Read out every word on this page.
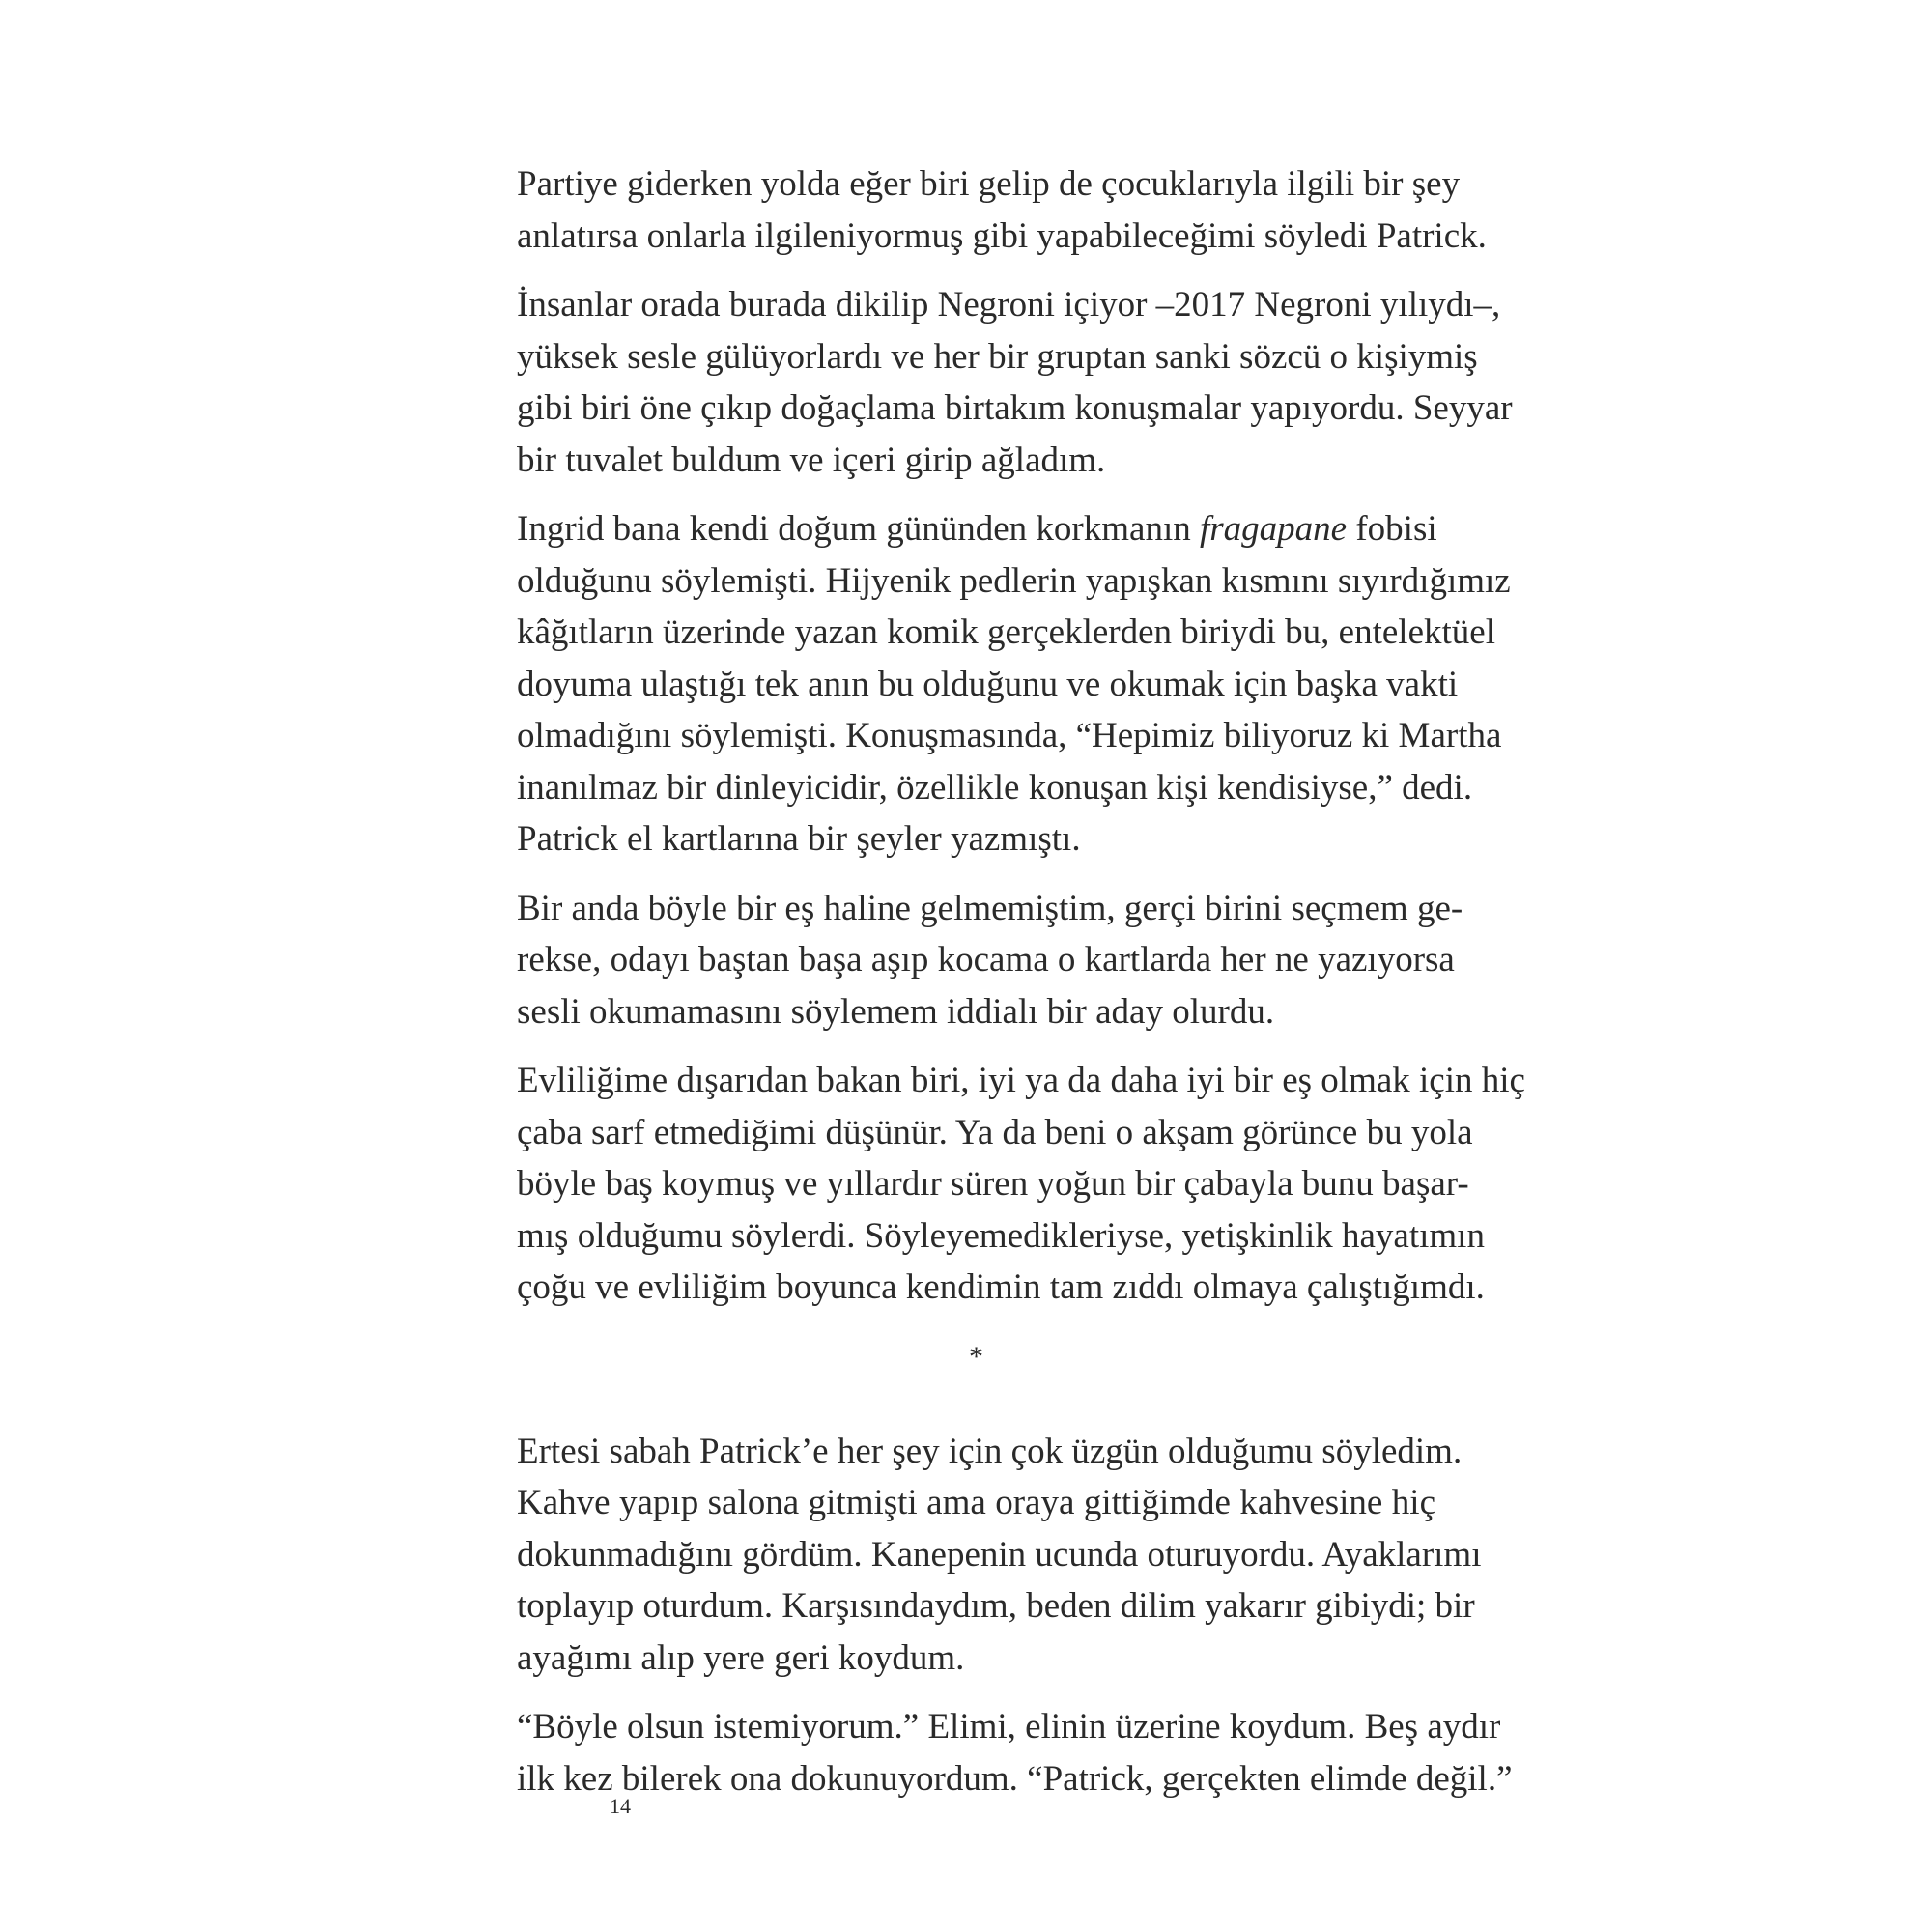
Partiye giderken yolda eğer biri gelip de çocuklarıyla ilgili bir şey
anlatırsa onlarla ilgileniyormuş gibi yapabileceğimi söyledi Patrick.

İnsanlar orada burada dikilip Negroni içiyor –2017 Negroni yılıydı–,
yüksek sesle gülüyorlardı ve her bir gruptan sanki sözcü o kişiymiş
gibi biri öne çıkıp doğaçlama birtakım konuşmalar yapıyordu. Seyyar
bir tuvalet buldum ve içeri girip ağladım.

Ingrid bana kendi doğum gününden korkmanın fragapane fobisi
olduğunu söylemişti. Hijyenik pedlerin yapışkan kısmını sıyırdığımız
kâğıtların üzerinde yazan komik gerçeklerden biriydi bu, entelektüel
doyuma ulaştığı tek anın bu olduğunu ve okumak için başka vakti
olmadığını söylemişti. Konuşmasında, “Hepimiz biliyoruz ki Martha
inanılmaz bir dinleyicidir, özellikle konuşan kişi kendisiyse,” dedi.
Patrick el kartlarına bir şeyler yazmıştı.

Bir anda böyle bir eş haline gelmemiştim, gerçi birini seçmem ge-
rekse, odayı baştan başa aşıp kocama o kartlarda her ne yazıyorsa
sesli okumamasını söylemem iddialı bir aday olurdu.

Evliliğime dışarıdan bakan biri, iyi ya da daha iyi bir eş olmak için hiç
çaba sarf etmediğimi düşünür. Ya da beni o akşam görünce bu yola
böyle baş koymuş ve yıllardır süren yoğun bir çabayla bunu başar-
mış olduğumu söylerdi. Söyleyemedikleriyse, yetişkinlik hayatımın
çoğu ve evliliğim boyunca kendimin tam zıddı olmaya çalıştığımdı.

*

Ertesi sabah Patrick’e her şey için çok üzgün olduğumu söyledim.
Kahve yapıp salona gitmişti ama oraya gittiğimde kahvesine hiç
dokunmadığını gördüm. Kanepenin ucunda oturuyordu. Ayaklarımı
toplayıp oturdum. Karşısındaydım, beden dilim yakarır gibiydi; bir
ayağımı alıp yere geri koydum.

“Böyle olsun istemiyorum.” Elimi, elinin üzerine koydum. Beş aydır
ilk kez bilerek ona dokunuyordum. “Patrick, gerçekten elimde değil.”

14
